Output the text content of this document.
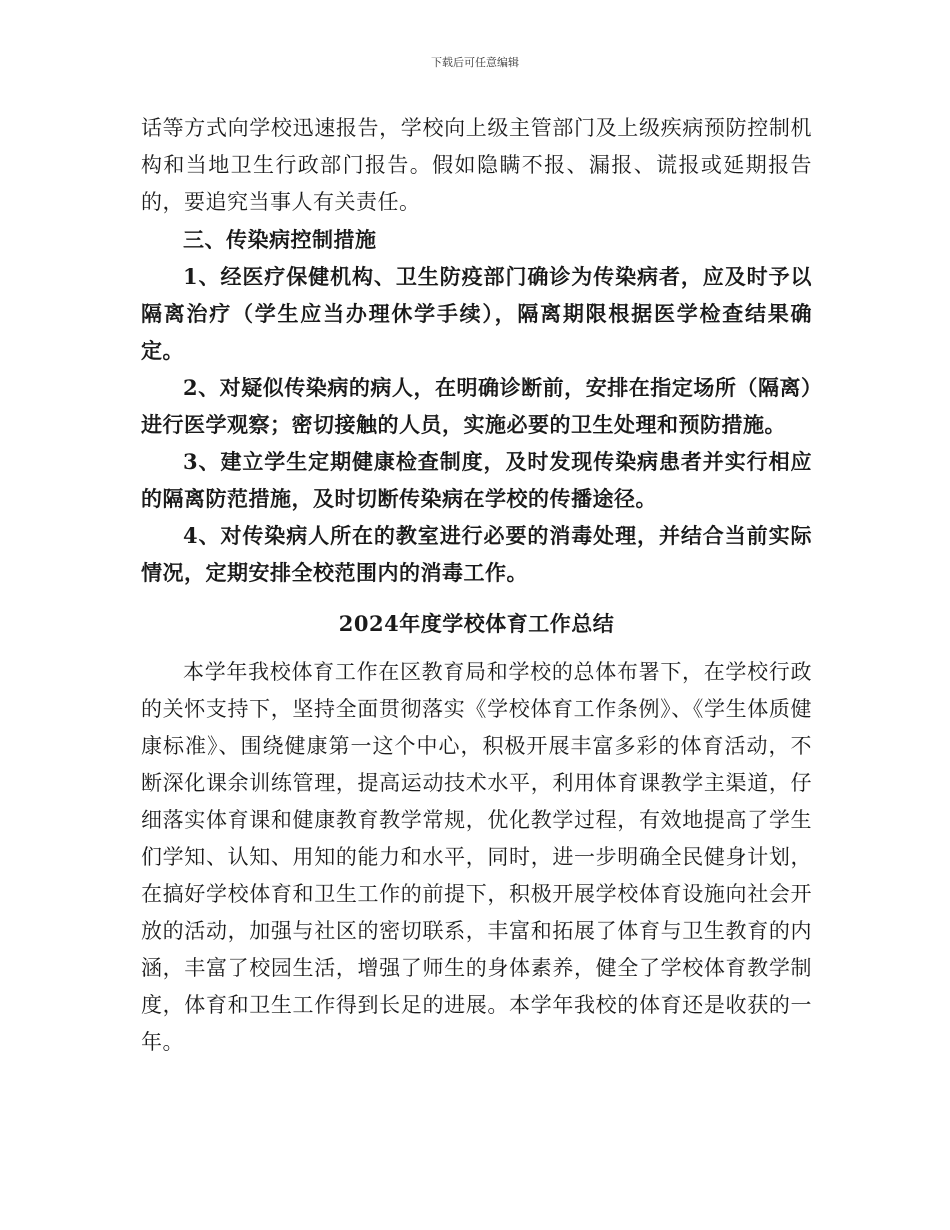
下载后可任意编辑

话等方式向学校迅速报告，学校向上级主管部门及上级疾病预防控制机构和当地卫生行政部门报告。假如隐瞒不报、漏报、谎报或延期报告的，要追究当事人有关责任。

三、传染病控制措施

1、经医疗保健机构、卫生防疫部门确诊为传染病者，应及时予以隔离治疗（学生应当办理休学手续），隔离期限根据医学检查结果确定。

2、对疑似传染病的病人，在明确诊断前，安排在指定场所（隔离）进行医学观察；密切接触的人员，实施必要的卫生处理和预防措施。

3、建立学生定期健康检查制度，及时发现传染病患者并实行相应的隔离防范措施，及时切断传染病在学校的传播途径。

4、对传染病人所在的教室进行必要的消毒处理，并结合当前实际情况，定期安排全校范围内的消毒工作。

2024年度学校体育工作总结

本学年我校体育工作在区教育局和学校的总体布署下，在学校行政的关怀支持下，坚持全面贯彻落实《学校体育工作条例》、《学生体质健康标准》、围绕健康第一这个中心，积极开展丰富多彩的体育活动，不断深化课余训练管理，提高运动技术水平，利用体育课教学主渠道，仔细落实体育课和健康教育教学常规，优化教学过程，有效地提高了学生们学知、认知、用知的能力和水平，同时，进一步明确全民健身计划，在搞好学校体育和卫生工作的前提下，积极开展学校体育设施向社会开放的活动，加强与社区的密切联系，丰富和拓展了体育与卫生教育的内涵，丰富了校园生活，增强了师生的身体素养，健全了学校体育教学制度，体育和卫生工作得到长足的进展。本学年我校的体育还是收获的一年。
